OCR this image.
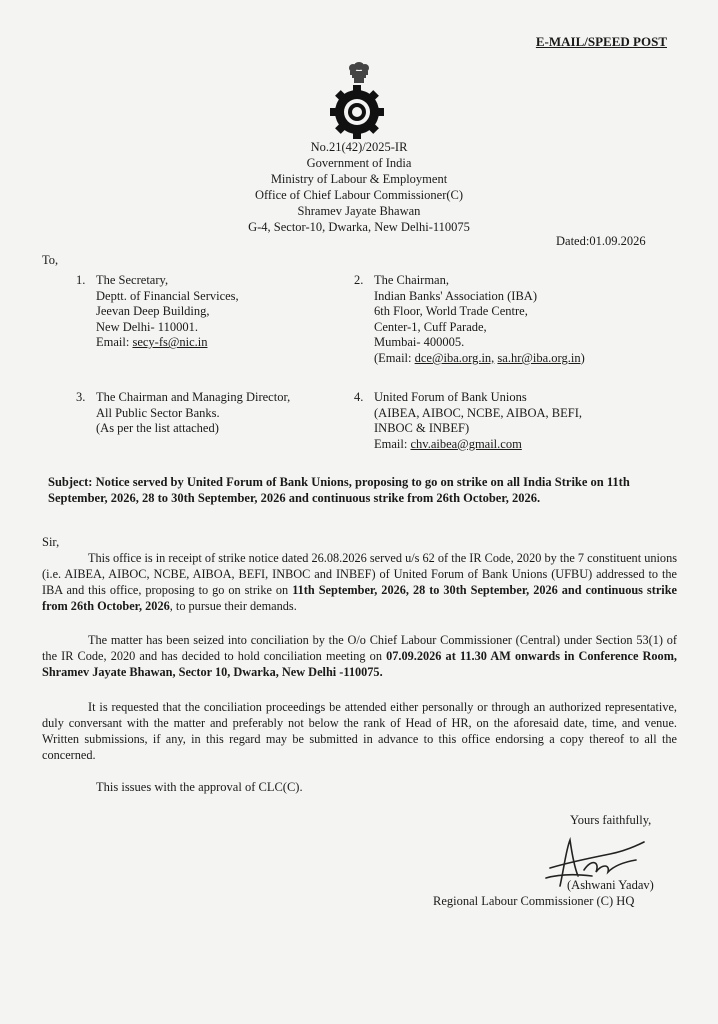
E-MAIL/SPEED POST
No.21(42)/2025-IR
Government of India
Ministry of Labour & Employment
Office of Chief Labour Commissioner(C)
Shramev Jayate Bhawan
G-4, Sector-10, Dwarka, New Delhi-110075
Dated:01.09.2026
To,
1. The Secretary,
Deptt. of Financial Services,
Jeevan Deep Building,
New Delhi- 110001.
Email: secy-fs@nic.in
2. The Chairman,
Indian Banks' Association (IBA)
6th Floor, World Trade Centre,
Center-1, Cuff Parade,
Mumbai- 400005.
(Email: dce@iba.org.in, sa.hr@iba.org.in)
3. The Chairman and Managing Director,
All Public Sector Banks.
(As per the list attached)
4. United Forum of Bank Unions
(AIBEA, AIBOC, NCBE, AIBOA, BEFI,
INBOC & INBEF)
Email: chv.aibea@gmail.com
Subject: Notice served by United Forum of Bank Unions, proposing to go on strike on all India Strike on 11th September, 2026, 28 to 30th September, 2026 and continuous strike from 26th October, 2026.
Sir,
This office is in receipt of strike notice dated 26.08.2026 served u/s 62 of the IR Code, 2020 by the 7 constituent unions (i.e. AIBEA, AIBOC, NCBE, AIBOA, BEFI, INBOC and INBEF) of United Forum of Bank Unions (UFBU) addressed to the IBA and this office, proposing to go on strike on 11th September, 2026, 28 to 30th September, 2026 and continuous strike from 26th October, 2026, to pursue their demands.
The matter has been seized into conciliation by the O/o Chief Labour Commissioner (Central) under Section 53(1) of the IR Code, 2020 and has decided to hold conciliation meeting on 07.09.2026 at 11.30 AM onwards in Conference Room, Shramev Jayate Bhawan, Sector 10, Dwarka, New Delhi -110075.
It is requested that the conciliation proceedings be attended either personally or through an authorized representative, duly conversant with the matter and preferably not below the rank of Head of HR, on the aforesaid date, time, and venue. Written submissions, if any, in this regard may be submitted in advance to this office endorsing a copy thereof to all the concerned.
This issues with the approval of CLC(C).
Yours faithfully,
(Ashwani Yadav)
Regional Labour Commissioner (C) HQ
